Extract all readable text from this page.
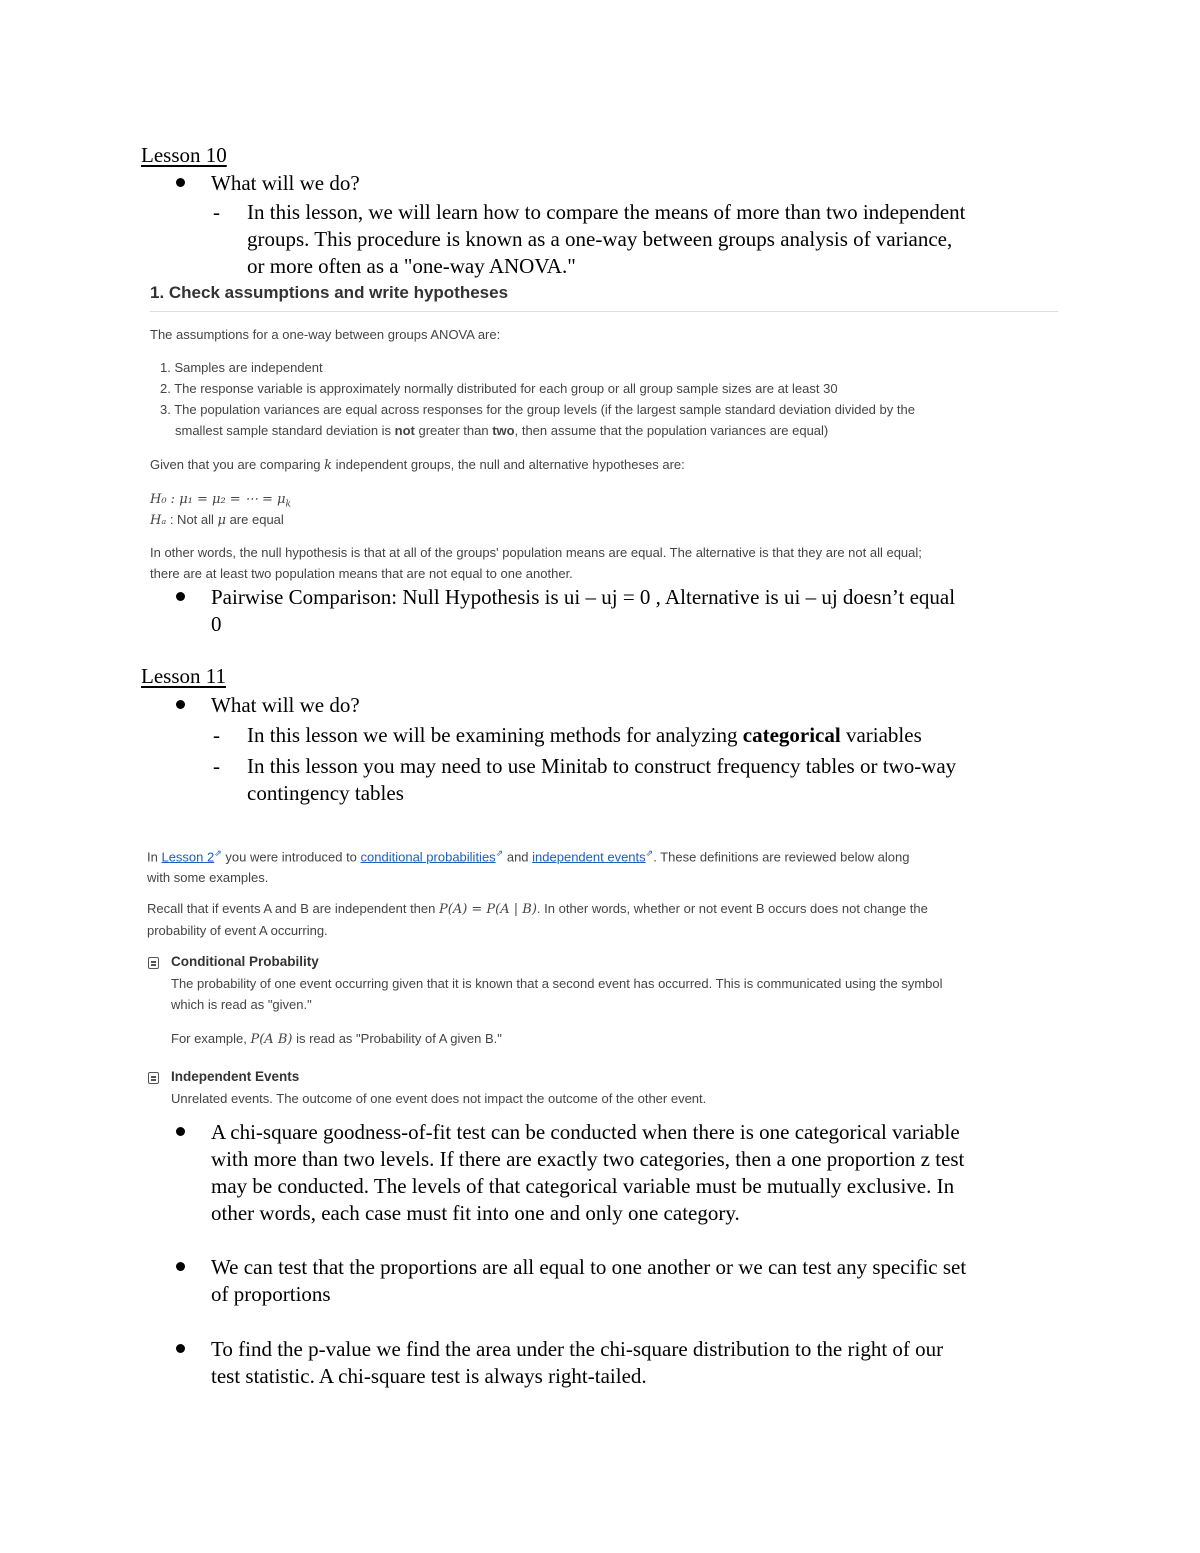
Lesson 10
What will we do?
- In this lesson, we will learn how to compare the means of more than two independent
groups. This procedure is known as a one-way between groups analysis of variance,
or more often as a "one-way ANOVA."
1. Check assumptions and write hypotheses
The assumptions for a one-way between groups ANOVA are:
1. Samples are independent
2. The response variable is approximately normally distributed for each group or all group sample sizes are at least 30
3. The population variances are equal across responses for the group levels (if the largest sample standard deviation divided by the
smallest sample standard deviation is not greater than two, then assume that the population variances are equal)
Given that you are comparing k independent groups, the null and alternative hypotheses are:
H₀ : μ₁ = μ₂ = ⋯ = $\mu_k$
Hₐ : Not all μ are equal
In other words, the null hypothesis is that at all of the groups' population means are equal. The alternative is that they are not all equal;
there are at least two population means that are not equal to one another.
Pairwise Comparison: Null Hypothesis is ui – uj = 0 , Alternative is ui – uj doesn’t equal
0
Lesson 11
What will we do?
- In this lesson we will be examining methods for analyzing categorical variables
- In this lesson you may need to use Minitab to construct frequency tables or two-way
contingency tables
In Lesson 2⇗ you were introduced to conditional probabilities⇗ and independent events⇗. These definitions are reviewed below along
with some examples.
Recall that if events A and B are independent then P(A) = P(A | B). In other words, whether or not event B occurs does not change the
probability of event A occurring.
Conditional Probability
The probability of one event occurring given that it is known that a second event has occurred. This is communicated using the symbol
which is read as "given."
For example, P(A B) is read as "Probability of A given B."
Independent Events
Unrelated events. The outcome of one event does not impact the outcome of the other event.
A chi-square goodness-of-fit test can be conducted when there is one categorical variable
with more than two levels. If there are exactly two categories, then a one proportion z test
may be conducted. The levels of that categorical variable must be mutually exclusive. In
other words, each case must fit into one and only one category.
We can test that the proportions are all equal to one another or we can test any specific set
of proportions
To find the p-value we find the area under the chi-square distribution to the right of our
test statistic. A chi-square test is always right-tailed.
